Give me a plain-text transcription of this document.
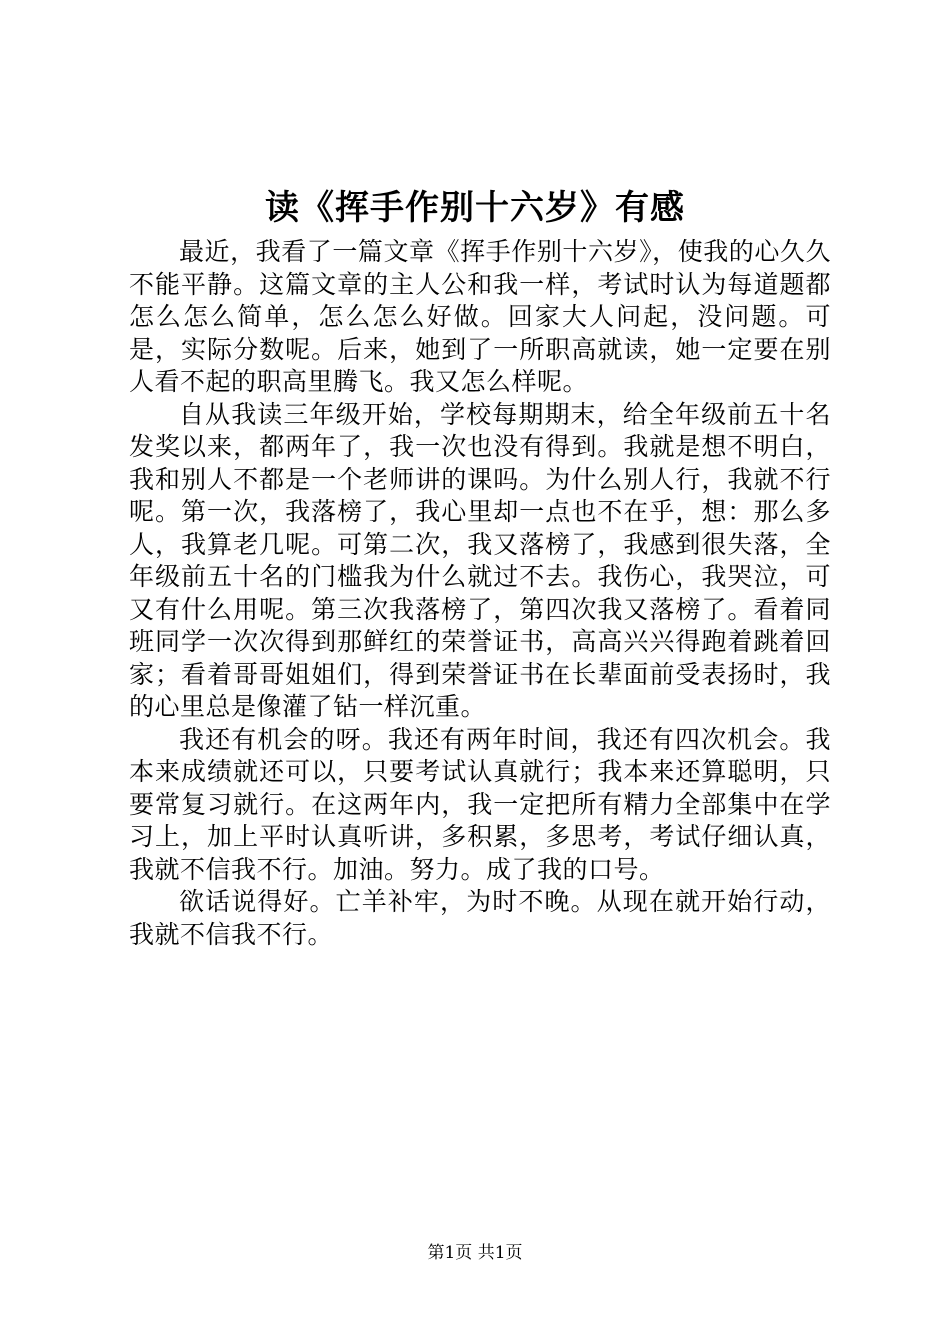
读《挥手作别十六岁》有感

最近，我看了一篇文章《挥手作别十六岁》，使我的心久久不能平静。这篇文章的主人公和我一样，考试时认为每道题都怎么怎么简单，怎么怎么好做。回家大人问起，没问题。可是，实际分数呢。后来，她到了一所职高就读，她一定要在别人看不起的职高里腾飞。我又怎么样呢。

自从我读三年级开始，学校每期期末，给全年级前五十名发奖以来，都两年了，我一次也没有得到。我就是想不明白，我和别人不都是一个老师讲的课吗。为什么别人行，我就不行呢。第一次，我落榜了，我心里却一点也不在乎，想：那么多人，我算老几呢。可第二次，我又落榜了，我感到很失落，全年级前五十名的门槛我为什么就过不去。我伤心，我哭泣，可又有什么用呢。第三次我落榜了，第四次我又落榜了。看着同班同学一次次得到那鲜红的荣誉证书，高高兴兴得跑着跳着回家；看着哥哥姐姐们，得到荣誉证书在长辈面前受表扬时，我的心里总是像灌了钻一样沉重。

我还有机会的呀。我还有两年时间，我还有四次机会。我本来成绩就还可以，只要考试认真就行；我本来还算聪明，只要常复习就行。在这两年内，我一定把所有精力全部集中在学习上，加上平时认真听讲，多积累，多思考，考试仔细认真，我就不信我不行。加油。努力。成了我的口号。

欲话说得好。亡羊补牢，为时不晚。从现在就开始行动，我就不信我不行。

第1页 共1页
